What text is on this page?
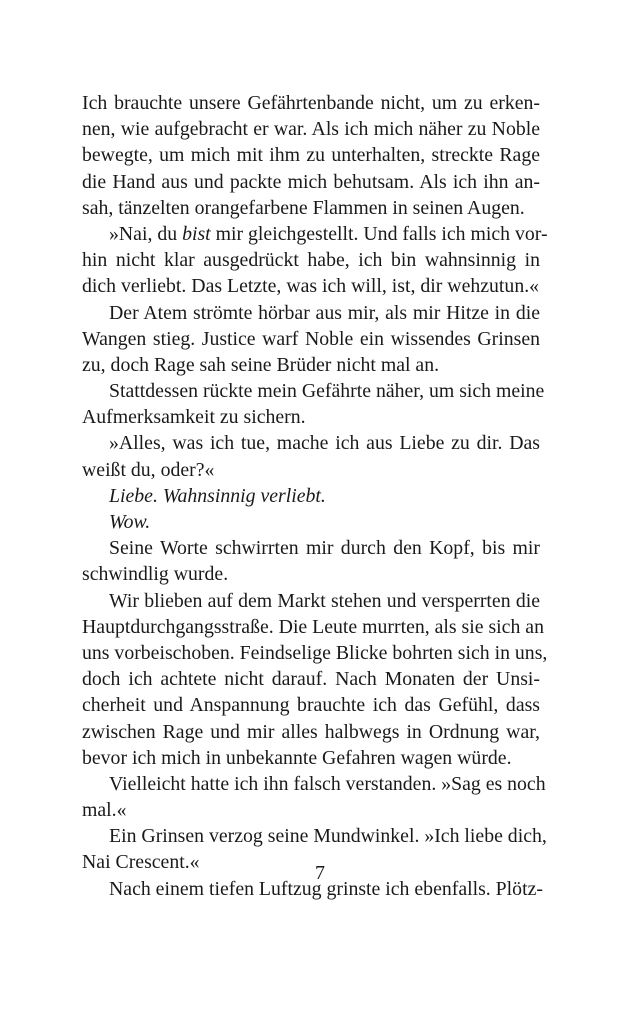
Ich brauchte unsere Gefährtenbande nicht, um zu erken-
nen, wie aufgebracht er war. Als ich mich näher zu Noble
bewegte, um mich mit ihm zu unterhalten, streckte Rage
die Hand aus und packte mich behutsam. Als ich ihn an-
sah, tänzelten orangefarbene Flammen in seinen Augen.
»Nai, du bist mir gleichgestellt. Und falls ich mich vor-
hin nicht klar ausgedrückt habe, ich bin wahnsinnig in
dich verliebt. Das Letzte, was ich will, ist, dir wehzutun.«
Der Atem strömte hörbar aus mir, als mir Hitze in die
Wangen stieg. Justice warf Noble ein wissendes Grinsen
zu, doch Rage sah seine Brüder nicht mal an.
Stattdessen rückte mein Gefährte näher, um sich meine
Aufmerksamkeit zu sichern.
»Alles, was ich tue, mache ich aus Liebe zu dir. Das
weißt du, oder?«
Liebe. Wahnsinnig verliebt.
Wow.
Seine Worte schwirrten mir durch den Kopf, bis mir
schwindlig wurde.
Wir blieben auf dem Markt stehen und versperrten die
Hauptdurchgangsstraße. Die Leute murrten, als sie sich an
uns vorbeischoben. Feindselige Blicke bohrten sich in uns,
doch ich achtete nicht darauf. Nach Monaten der Unsi-
cherheit und Anspannung brauchte ich das Gefühl, dass
zwischen Rage und mir alles halbwegs in Ordnung war,
bevor ich mich in unbekannte Gefahren wagen würde.
Vielleicht hatte ich ihn falsch verstanden. »Sag es noch
mal.«
Ein Grinsen verzog seine Mundwinkel. »Ich liebe dich,
Nai Crescent.«
Nach einem tiefen Luftzug grinste ich ebenfalls. Plötz-
7
